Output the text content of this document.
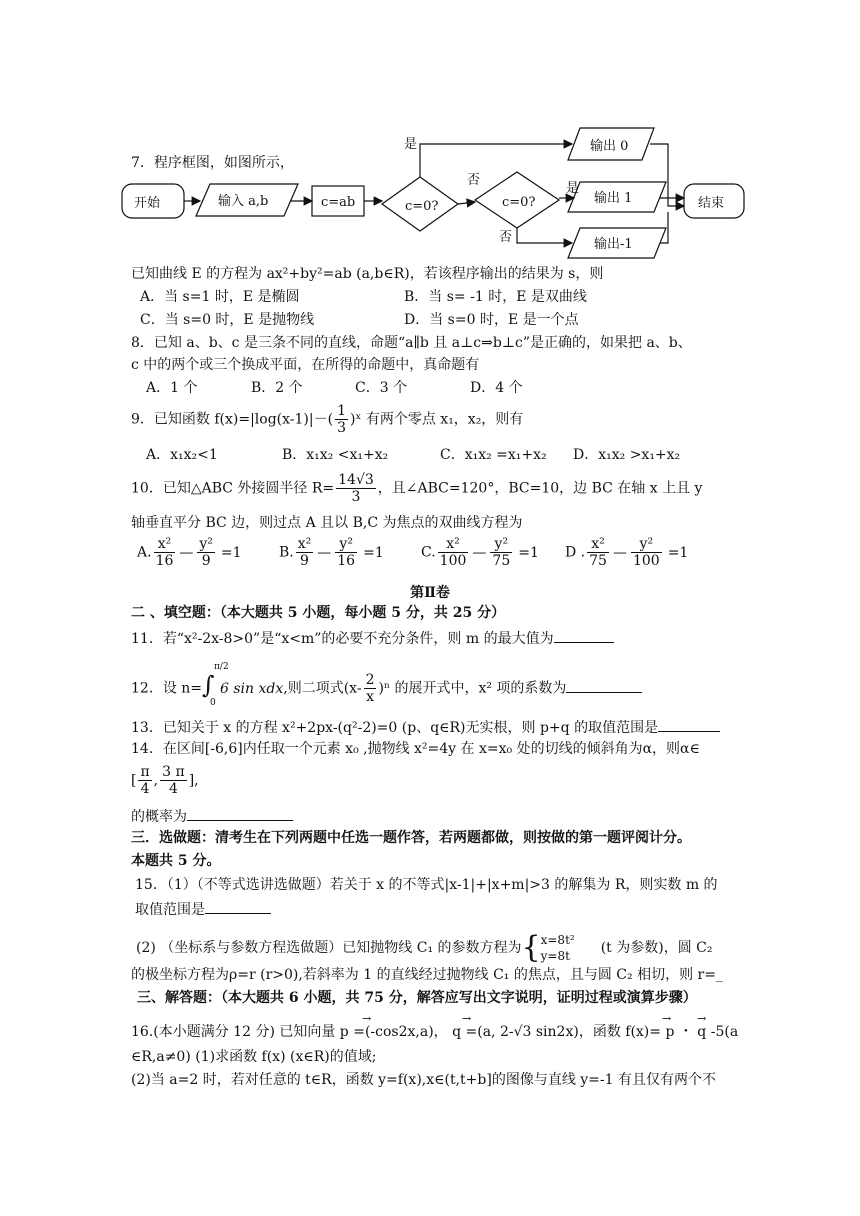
开始	输入 a,b	c=ab	c=0?	c=0?
输出 0
输出 1
输出-1
结束
是
否
是
否
7．程序框图，如图所示，
已知曲线 E 的方程为 ax²+by²=ab (a,b∈R)，若该程序输出的结果为 s，则
A．当 s=1 时，E 是椭圆	B．当 s= -1 时，E 是双曲线
C．当 s=0 时，E 是抛物线	D．当 s=0 时，E 是一个点
8．已知 a、b、c 是三条不同的直线，命题“a∥b 且 a⊥c⇒b⊥c”是正确的，如果把 a、b、
c 中的两个或三个换成平面，在所得的命题中，真命题有
A．1 个	B．2 个	C．3 个	D．4 个
9．已知函数 $f(x)=|\log(x-1)|-( \frac{1}{3}$ )ˣ 有两个零点 x₁，x₂，则有
A．x₁x₂<1	B．x₁x₂ <x₁+x₂	C．x₁x₂ =x₁+x₂ D．x₁x₂ >x₁+x₂
10．已知△ABC 外接圆半径 $R= \frac{14√3}{3}$ ，且∠ABC=120°，BC=10，边 BC 在轴 x 上且 y
轴垂直平分 BC 边，则过点 A 且以 B,C 为焦点的双曲线方程为
A. $\frac{\text{x²}}{16}$ — $\frac{\text{y²}}{9} =1$	B. $\frac{\text{x²}}{9}$ — $\frac{\text{y²}}{16} =1$	C. $\frac{\text{x²}}{100}$ — $\frac{\text{y²}}{75} =1$ D . $\frac{\text{x²}}{75}$ — $\frac{\text{y²}}{100} =1$
第Ⅱ卷
二 、填空题：（本大题共 5 小题，每小题 5 分，共 25 分）
11．若“x²-2x-8>0”是“x<m”的必要不充分条件，则 m 的最大值为
12．设 n=∫
π/2
0
6 sin xdx,则二项式$(x- \frac{2}{x} )^n$ 的展开式中，x² 项的系数为
13．已知关于 x 的方程 x²+2px-(q²-2)=0 (p、q∈R)无实根，则 p+q 的取值范围是
14．在区间[-6,6]内任取一个元素 x₀ ,抛物线 x²=4y 在 x=x₀ 处的切线的倾斜角为α，则α∈
[ $\frac{\pi}{4}$ , $\frac{3 \pi}{4}$ ],
的概率为
三．选做题：清考生在下列两题中任选一题作答，若两题都做，则按做的第一题评阅计分。
本题共 5 分。
15．（1）（不等式选讲选做题）若关于 x 的不等式|x-1|+|x+m|>3 的解集为 R，则实数 m 的
取值范围是
(2) （坐标系与参数方程选做题）已知抛物线 C₁ 的参数方程为{ x=8t²
y=8t	(t 为参数)，圆 C₂
的极坐标方程为ρ=r (r>0),若斜率为 1 的直线经过抛物线 C₁ 的焦点，且与圆 C₂ 相切，则 r=_
三、解答题：（本大题共 6 小题，共 75 分，解答应写出文字说明，证明过程或演算步骤）
16.(本小题满分 12 分) 已知向量 p =(-cos2x,a)， q =(a, 2-√3 sin2x)，函数 f(x)= p ・ q -5(a
→	→	→ →
∈R,a≠0) (1)求函数 f(x) (x∈R)的值域;
(2)当 a=2 时，若对任意的 t∈R，函数 y=f(x),x∈(t,t+b]的图像与直线 y=-1 有且仅有两个不
